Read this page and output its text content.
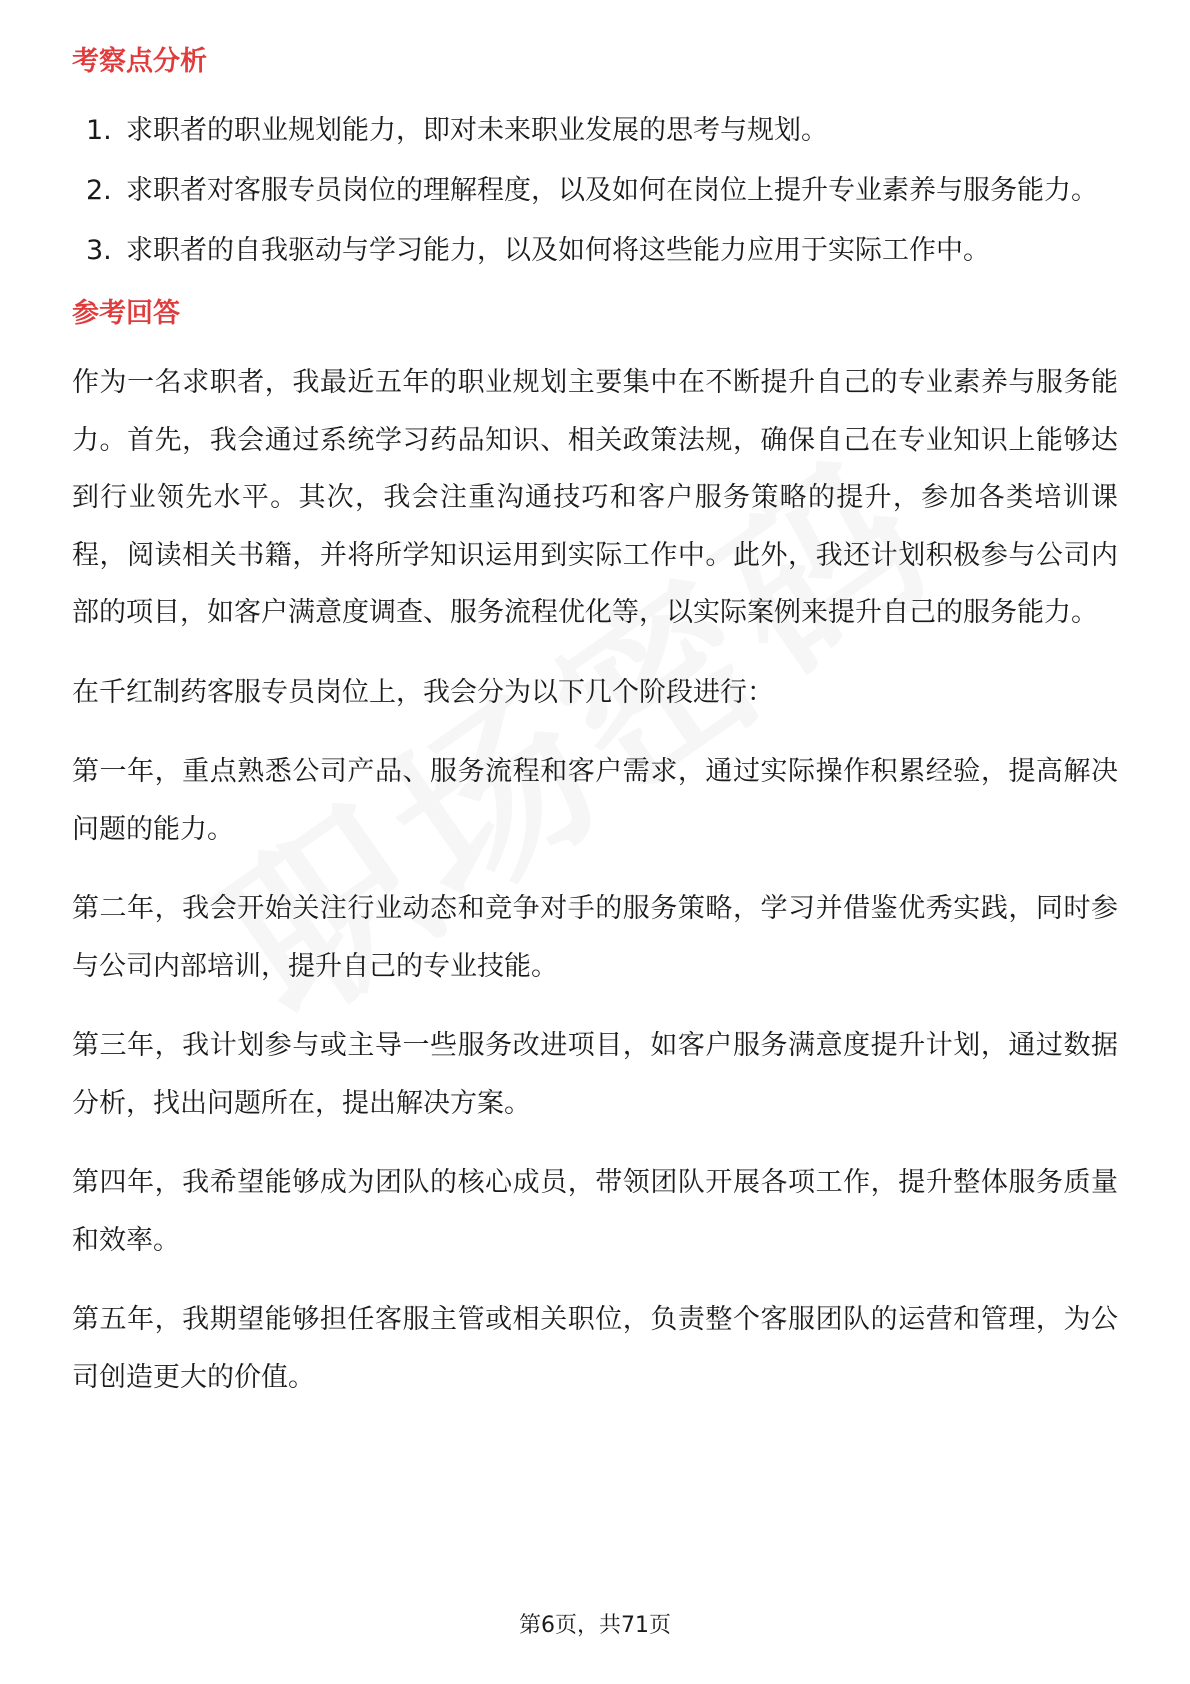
考察点分析
1. 求职者的职业规划能力，即对未来职业发展的思考与规划。
2. 求职者对客服专员岗位的理解程度，以及如何在岗位上提升专业素养与服务能力。
3. 求职者的自我驱动与学习能力，以及如何将这些能力应用于实际工作中。
参考回答

作为一名求职者，我最近五年的职业规划主要集中在不断提升自己的专业素养与服务能力。首先，我会通过系统学习药品知识、相关政策法规，确保自己在专业知识上能够达到行业领先水平。其次，我会注重沟通技巧和客户服务策略的提升，参加各类培训课程，阅读相关书籍，并将所学知识运用到实际工作中。此外，我还计划积极参与公司内部的项目，如客户满意度调查、服务流程优化等，以实际案例来提升自己的服务能力。

在千红制药客服专员岗位上，我会分为以下几个阶段进行：

第一年，重点熟悉公司产品、服务流程和客户需求，通过实际操作积累经验，提高解决问题的能力。

第二年，我会开始关注行业动态和竞争对手的服务策略，学习并借鉴优秀实践，同时参与公司内部培训，提升自己的专业技能。

第三年，我计划参与或主导一些服务改进项目，如客户服务满意度提升计划，通过数据分析，找出问题所在，提出解决方案。

第四年，我希望能够成为团队的核心成员，带领团队开展各项工作，提升整体服务质量和效率。

第五年，我期望能够担任客服主管或相关职位，负责整个客服团队的运营和管理，为公司创造更大的价值。

第6页，共71页
